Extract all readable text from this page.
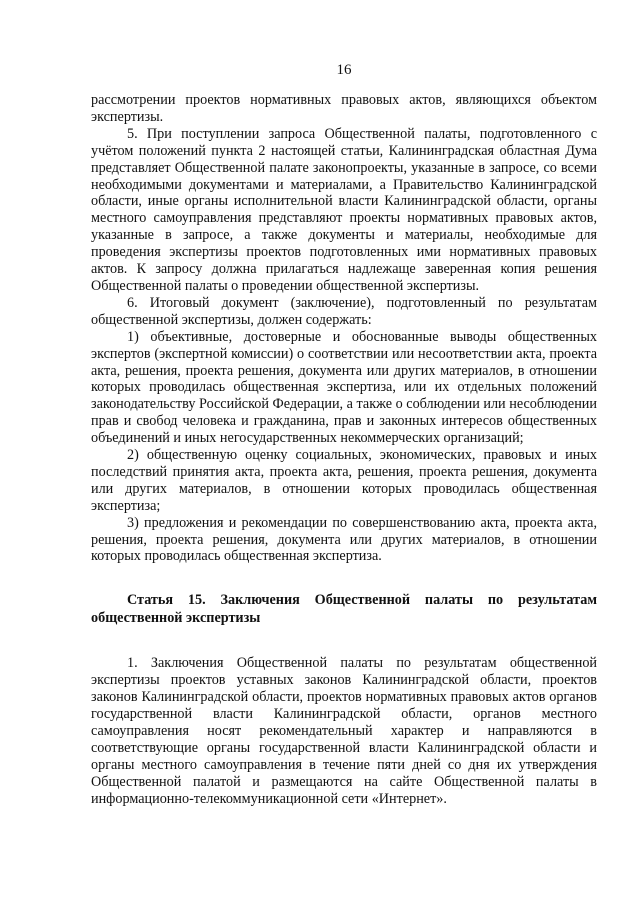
16

рассмотрении проектов нормативных правовых актов, являющихся объектом экспертизы.

5. При поступлении запроса Общественной палаты, подготовленного с учётом положений пункта 2 настоящей статьи, Калининградская областная Дума представляет Общественной палате законопроекты, указанные в запросе, со всеми необходимыми документами и материалами, а Правительство Калининградской области, иные органы исполнительной власти Калининградской области, органы местного самоуправления представляют проекты нормативных правовых актов, указанные в запросе, а также документы и материалы, необходимые для проведения экспертизы проектов подготовленных ими нормативных правовых актов. К запросу должна прилагаться надлежаще заверенная копия решения Общественной палаты о проведении общественной экспертизы.

6. Итоговый документ (заключение), подготовленный по результатам общественной экспертизы, должен содержать:

1) объективные, достоверные и обоснованные выводы общественных экспертов (экспертной комиссии) о соответствии или несоответствии акта, проекта акта, решения, проекта решения, документа или других материалов, в отношении которых проводилась общественная экспертиза, или их отдельных положений законодательству Российской Федерации, а также о соблюдении или несоблюдении прав и свобод человека и гражданина, прав и законных интересов общественных объединений и иных негосударственных некоммерческих организаций;

2) общественную оценку социальных, экономических, правовых и иных последствий принятия акта, проекта акта, решения, проекта решения, документа или других материалов, в отношении которых проводилась общественная экспертиза;

3) предложения и рекомендации по совершенствованию акта, проекта акта, решения, проекта решения, документа или других материалов, в отношении которых проводилась общественная экспертиза.

Статья 15. Заключения Общественной палаты по результатам общественной экспертизы

1. Заключения Общественной палаты по результатам общественной экспертизы проектов уставных законов Калининградской области, проектов законов Калининградской области, проектов нормативных правовых актов органов государственной власти Калининградской области, органов местного самоуправления носят рекомендательный характер и направляются в соответствующие органы государственной власти Калининградской области и органы местного самоуправления в течение пяти дней со дня их утверждения Общественной палатой и размещаются на сайте Общественной палаты в информационно-телекоммуникационной сети «Интернет».
